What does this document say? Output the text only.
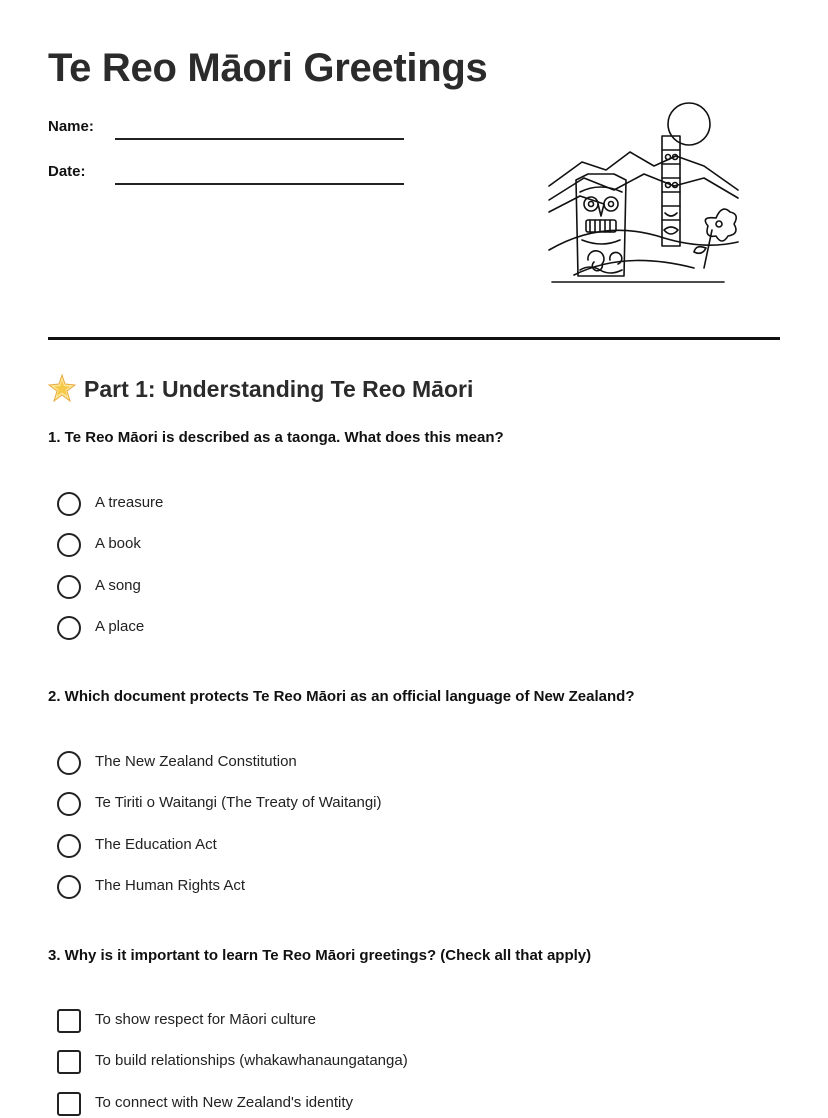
Te Reo Māori Greetings
Name:
Date:
Part 1: Understanding Te Reo Māori
1. Te Reo Māori is described as a taonga. What does this mean?
A treasure
A book
A song
A place
2. Which document protects Te Reo Māori as an official language of New Zealand?
The New Zealand Constitution
Te Tiriti o Waitangi (The Treaty of Waitangi)
The Education Act
The Human Rights Act
3. Why is it important to learn Te Reo Māori greetings? (Check all that apply)
To show respect for Māori culture
To build relationships (whakawhanaungatanga)
To connect with New Zealand's identity
